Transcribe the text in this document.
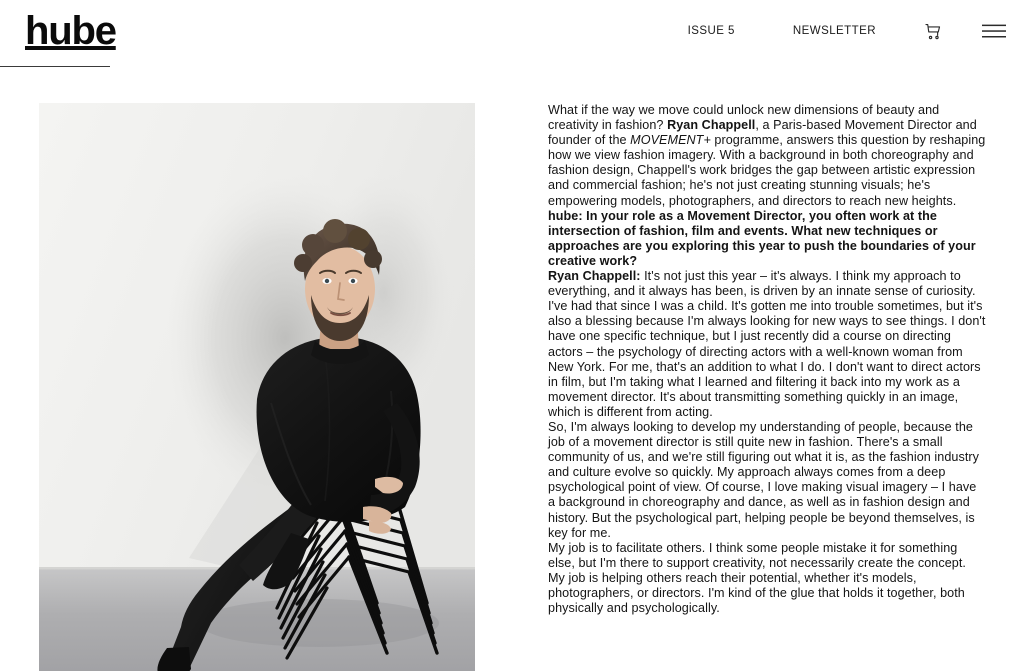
hube	ISSUE 5	NEWSLETTER

What if the way we move could unlock new dimensions of beauty and creativity in fashion? Ryan Chappell, a Paris-based Movement Director and founder of the MOVEMENT+ programme, answers this question by reshaping how we view fashion imagery. With a background in both choreography and fashion design, Chappell's work bridges the gap between artistic expression and commercial fashion; he's not just creating stunning visuals; he's empowering models, photographers, and directors to reach new heights.

hube: In your role as a Movement Director, you often work at the intersection of fashion, film and events. What new techniques or approaches are you exploring this year to push the boundaries of your creative work?

Ryan Chappell: It's not just this year – it's always. I think my approach to everything, and it always has been, is driven by an innate sense of curiosity. I've had that since I was a child. It's gotten me into trouble sometimes, but it's also a blessing because I'm always looking for new ways to see things. I don't have one specific technique, but I just recently did a course on directing actors – the psychology of directing actors with a well-known woman from New York. For me, that's an addition to what I do. I don't want to direct actors in film, but I'm taking what I learned and filtering it back into my work as a movement director. It's about transmitting something quickly in an image, which is different from acting.

So, I'm always looking to develop my understanding of people, because the job of a movement director is still quite new in fashion. There's a small community of us, and we're still figuring out what it is, as the fashion industry and culture evolve so quickly. My approach always comes from a deep psychological point of view. Of course, I love making visual imagery – I have a background in choreography and dance, as well as in fashion design and history. But the psychological part, helping people be beyond themselves, is key for me.

My job is to facilitate others. I think some people mistake it for something else, but I'm there to support creativity, not necessarily create the concept. My job is helping others reach their potential, whether it's models, photographers, or directors. I'm kind of the glue that holds it together, both physically and psychologically.
